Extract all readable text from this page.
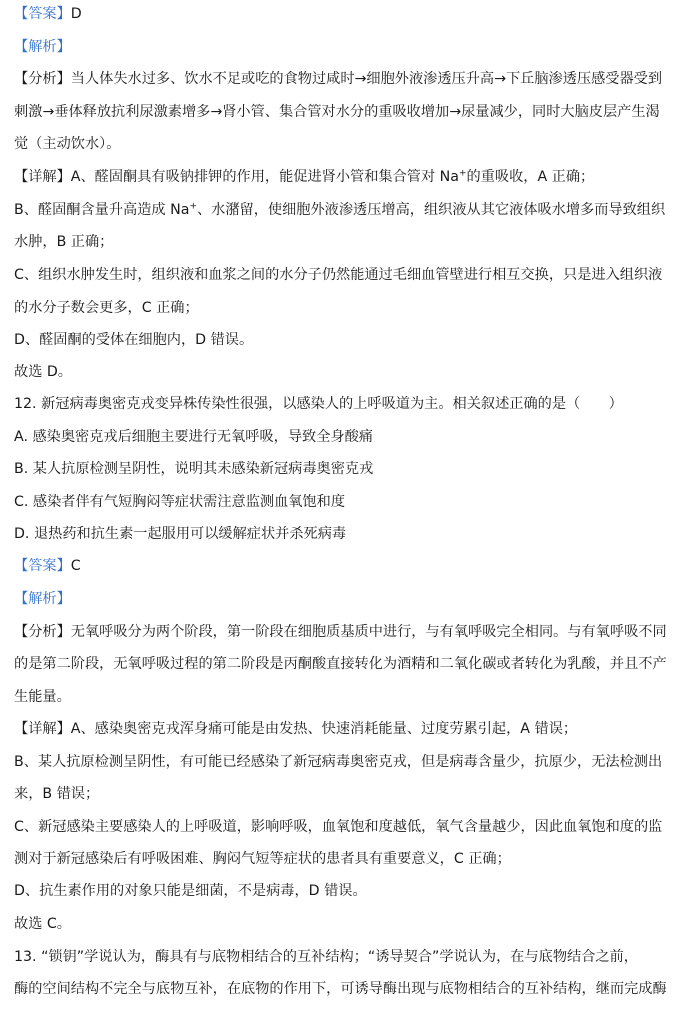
【答案】D
【解析】
【分析】当人体失水过多、饮水不足或吃的食物过咸时→细胞外液渗透压升高→下丘脑渗透压感受器受到
刺激→垂体释放抗利尿激素增多→肾小管、集合管对水分的重吸收增加→尿量减少，同时大脑皮层产生渴
觉（主动饮水）。
【详解】A、醛固酮具有吸钠排钾的作用，能促进肾小管和集合管对 Na+的重吸收，A 正确；
B、醛固酮含量升高造成 Na+、水潴留，使细胞外液渗透压增高，组织液从其它液体吸水增多而导致组织
水肿，B 正确；
C、组织水肿发生时，组织液和血浆之间的水分子仍然能通过毛细血管壁进行相互交换，只是进入组织液
的水分子数会更多，C 正确；
D、醛固酮的受体在细胞内，D 错误。
故选 D。
12. 新冠病毒奥密克戎变异株传染性很强，以感染人的上呼吸道为主。相关叙述正确的是（　　）
A. 感染奥密克戎后细胞主要进行无氧呼吸，导致全身酸痛
B. 某人抗原检测呈阴性，说明其未感染新冠病毒奥密克戎
C. 感染者伴有气短胸闷等症状需注意监测血氧饱和度
D. 退热药和抗生素一起服用可以缓解症状并杀死病毒
【答案】C
【解析】
【分析】无氧呼吸分为两个阶段，第一阶段在细胞质基质中进行，与有氧呼吸完全相同。与有氧呼吸不同
的是第二阶段，无氧呼吸过程的第二阶段是丙酮酸直接转化为酒精和二氧化碳或者转化为乳酸，并且不产
生能量。
【详解】A、感染奥密克戎浑身痛可能是由发热、快速消耗能量、过度劳累引起，A 错误；
B、某人抗原检测呈阴性，有可能已经感染了新冠病毒奥密克戎，但是病毒含量少，抗原少，无法检测出
来，B 错误；
C、新冠感染主要感染人的上呼吸道，影响呼吸，血氧饱和度越低，氧气含量越少，因此血氧饱和度的监
测对于新冠感染后有呼吸困难、胸闷气短等症状的患者具有重要意义，C 正确；
D、抗生素作用的对象只能是细菌，不是病毒，D 错误。
故选 C。
13. “锁钥”学说认为，酶具有与底物相结合的互补结构；“诱导契合”学说认为，在与底物结合之前，
酶的空间结构不完全与底物互补，在底物的作用下，可诱导酶出现与底物相结合的互补结构，继而完成酶
